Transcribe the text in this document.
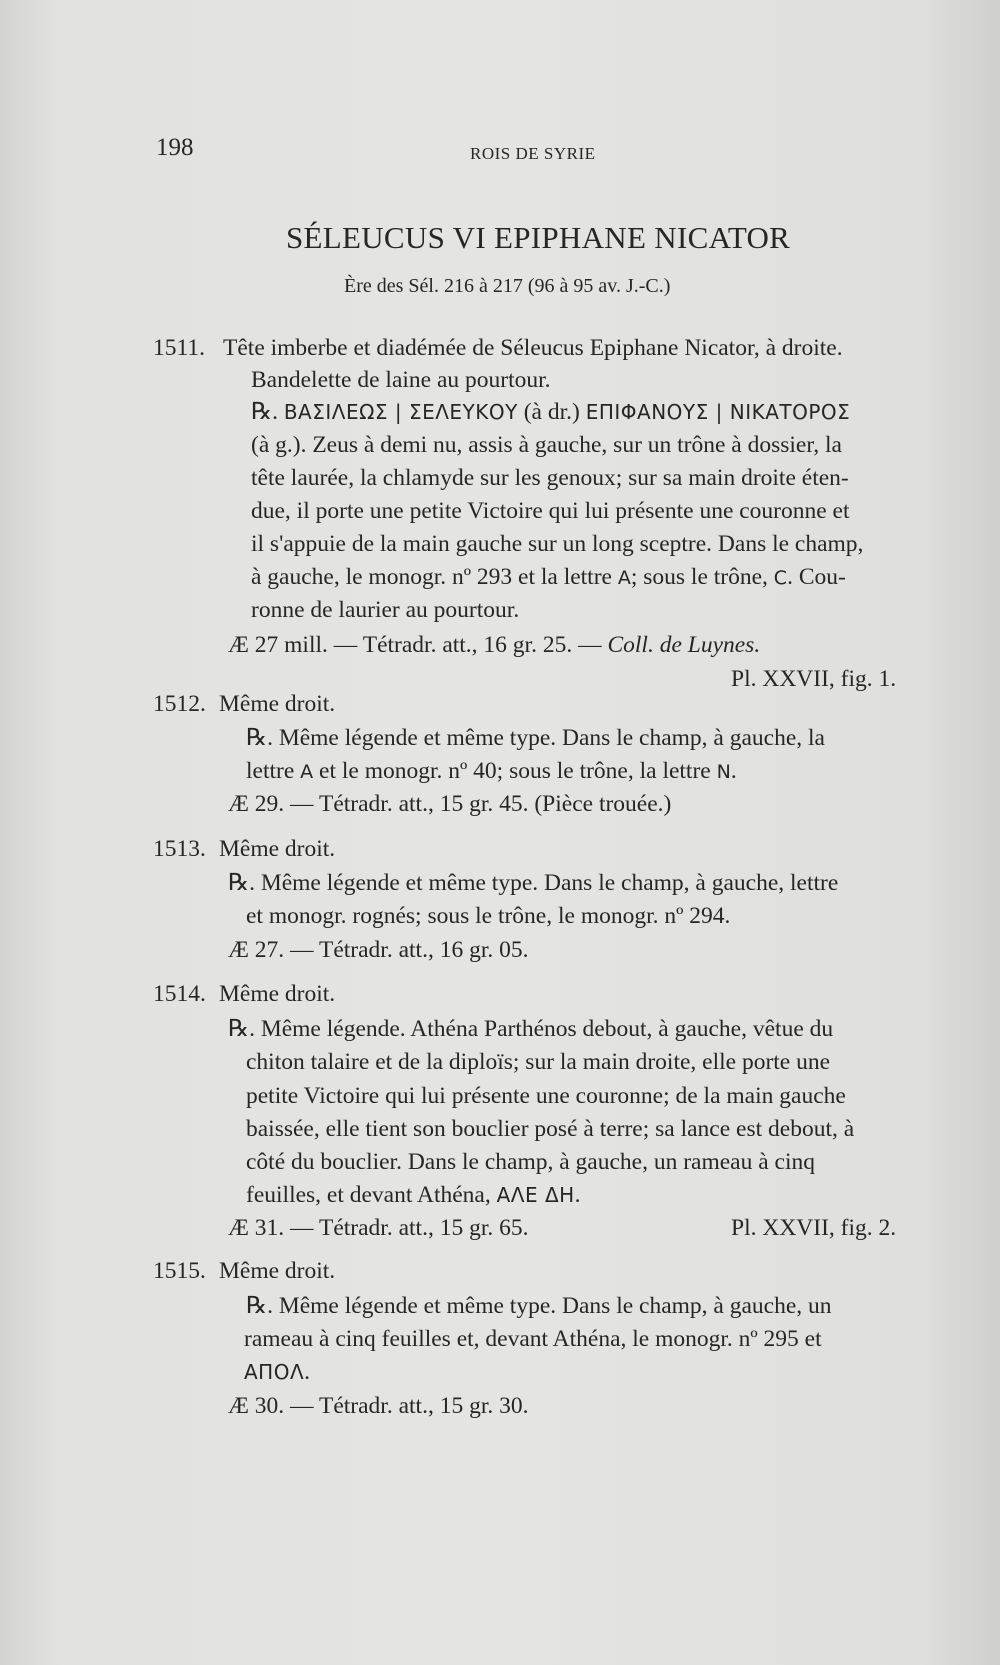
198	ROIS DE SYRIE
SÉLEUCUS VI EPIPHANE NICATOR
Ère des Sél. 216 à 217 (96 à 95 av. J.-C.)
1511. Tête imberbe et diadémée de Séleucus Epiphane Nicator, à droite.
Bandelette de laine au pourtour.
℞. ΒΑΣΙΛΕΩΣ | ΣΕΛΕΥΚΟΥ (à dr.) ΕΠΙΦΑΝΟΥΣ | ΝΙΚΑΤΟΡΟΣ
(à g.). Zeus à demi nu, assis à gauche, sur un trône à dossier, la
tête laurée, la chlamyde sur les genoux; sur sa main droite éten-
due, il porte une petite Victoire qui lui présente une couronne et
il s'appuie de la main gauche sur un long sceptre. Dans le champ,
à gauche, le monogr. nº 293 et la lettre A; sous le trône, Ϲ. Cou-
ronne de laurier au pourtour.
Æ 27 mill. — Tétradr. att., 16 gr. 25. — Coll. de Luynes.
Pl. XXVII, fig. 1.
1512. Même droit.
℞. Même légende et même type. Dans le champ, à gauche, la
lettre A et le monogr. nº 40; sous le trône, la lettre N.
Æ 29. — Tétradr. att., 15 gr. 45. (Pièce trouée.)
1513. Même droit.
℞. Même légende et même type. Dans le champ, à gauche, lettre
et monogr. rognés; sous le trône, le monogr. nº 294.
Æ 27. — Tétradr. att., 16 gr. 05.
1514. Même droit.
℞. Même légende. Athéna Parthénos debout, à gauche, vêtue du
chiton talaire et de la diploïs; sur la main droite, elle porte une
petite Victoire qui lui présente une couronne; de la main gauche
baissée, elle tient son bouclier posé à terre; sa lance est debout, à
côté du bouclier. Dans le champ, à gauche, un rameau à cinq
feuilles, et devant Athéna, ΑΛΕ ΔΗ.
Æ 31. — Tétradr. att., 15 gr. 65.	Pl. XXVII, fig. 2.
1515. Même droit.
℞. Même légende et même type. Dans le champ, à gauche, un
rameau à cinq feuilles et, devant Athéna, le monogr. nº 295 et
ΑΠΟΛ.
Æ 30. — Tétradr. att., 15 gr. 30.
